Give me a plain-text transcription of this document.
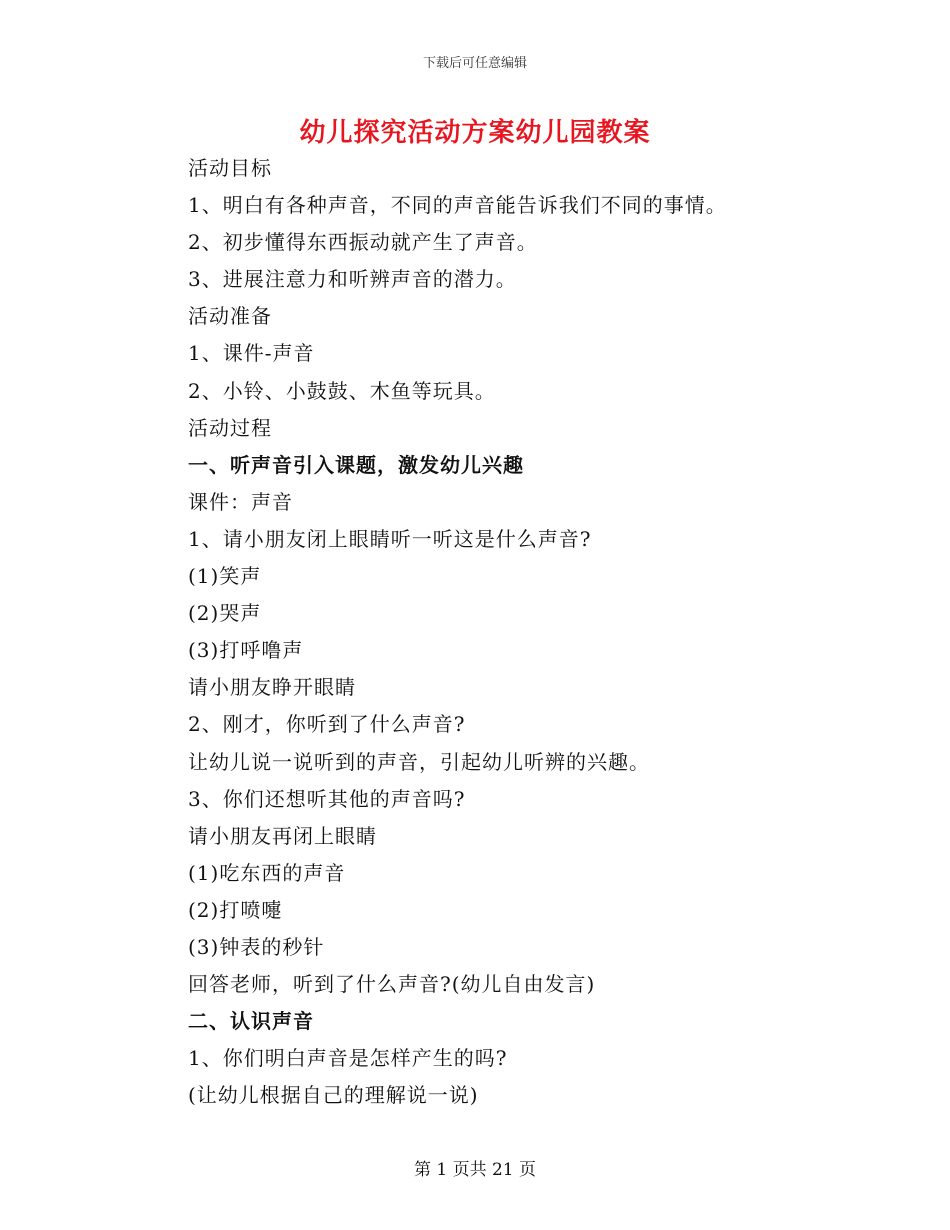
下载后可任意编辑
幼儿探究活动方案幼儿园教案
活动目标
1、明白有各种声音，不同的声音能告诉我们不同的事情。
2、初步懂得东西振动就产生了声音。
3、进展注意力和听辨声音的潜力。
活动准备
1、课件-声音
2、小铃、小鼓鼓、木鱼等玩具。
活动过程
一、听声音引入课题，激发幼儿兴趣
课件：声音
1、请小朋友闭上眼睛听一听这是什么声音?
(1)笑声
(2)哭声
(3)打呼噜声
请小朋友睁开眼睛
2、刚才，你听到了什么声音?
让幼儿说一说听到的声音，引起幼儿听辨的兴趣。
3、你们还想听其他的声音吗?
请小朋友再闭上眼睛
(1)吃东西的声音
(2)打喷嚏
(3)钟表的秒针
回答老师，听到了什么声音?(幼儿自由发言)
二、认识声音
1、你们明白声音是怎样产生的吗?
(让幼儿根据自己的理解说一说)
第 1 页共 21 页
